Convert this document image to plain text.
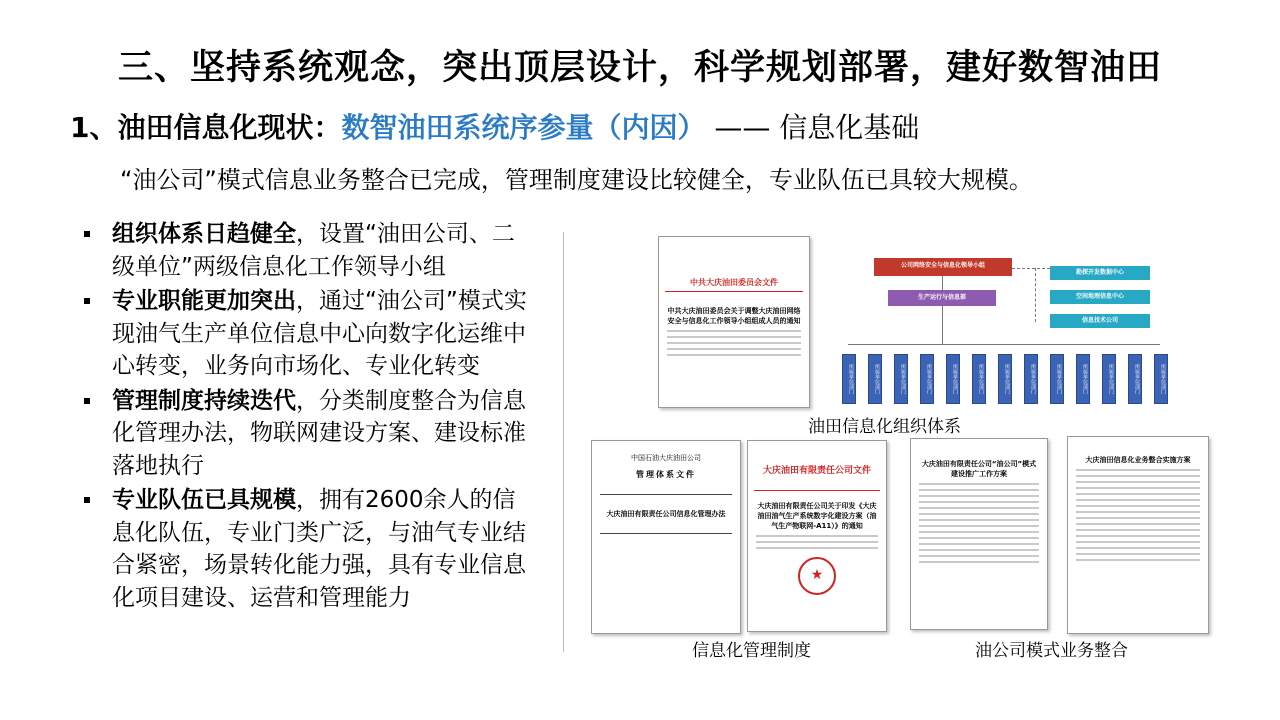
三、坚持系统观念，突出顶层设计，科学规划部署，建好数智油田
1、油田信息化现状：数智油田系统序参量（内因） —— 信息化基础
“油公司”模式信息业务整合已完成，管理制度建设比较健全，专业队伍已具较大规模。
组织体系日趋健全，设置“油田公司、二级单位”两级信息化工作领导小组
专业职能更加突出，通过“油公司”模式实现油气生产单位信息中心向数字化运维中心转变，业务向市场化、专业化转变
管理制度持续迭代，分类制度整合为信息化管理办法，物联网建设方案、建设标准落地执行
专业队伍已具规模，拥有2600余人的信息化队伍，专业门类广泛，与油气专业结合紧密，场景转化能力强，具有专业信息化项目建设、运营和管理能力
中共大庆油田委员会文件
中共大庆油田委员会关于调整大庆油田网络安全与信息化工作领导小组组成人员的通知
公司网络安全与信息化领导小组
生产运行与信息部
勘探开发数据中心
空间地理信息中心
信息技术公司
所属单位部门	所属单位部门	所属单位部门	所属单位部门	所属单位部门	所属单位部门	所属单位部门	所属单位部门	所属单位部门	所属单位部门	所属单位部门	所属单位部门	所属单位部门
油田信息化组织体系
中国石油大庆油田公司
管理体系文件
大庆油田有限责任公司信息化管理办法
大庆油田有限责任公司文件
大庆油田有限责任公司关于印发《大庆油田油气生产系统数字化建设方案（油气生产物联网-A11）》的通知
★
信息化管理制度
大庆油田有限责任公司“油公司”模式建设推广工作方案
大庆油田信息化业务整合实施方案
油公司模式业务整合
